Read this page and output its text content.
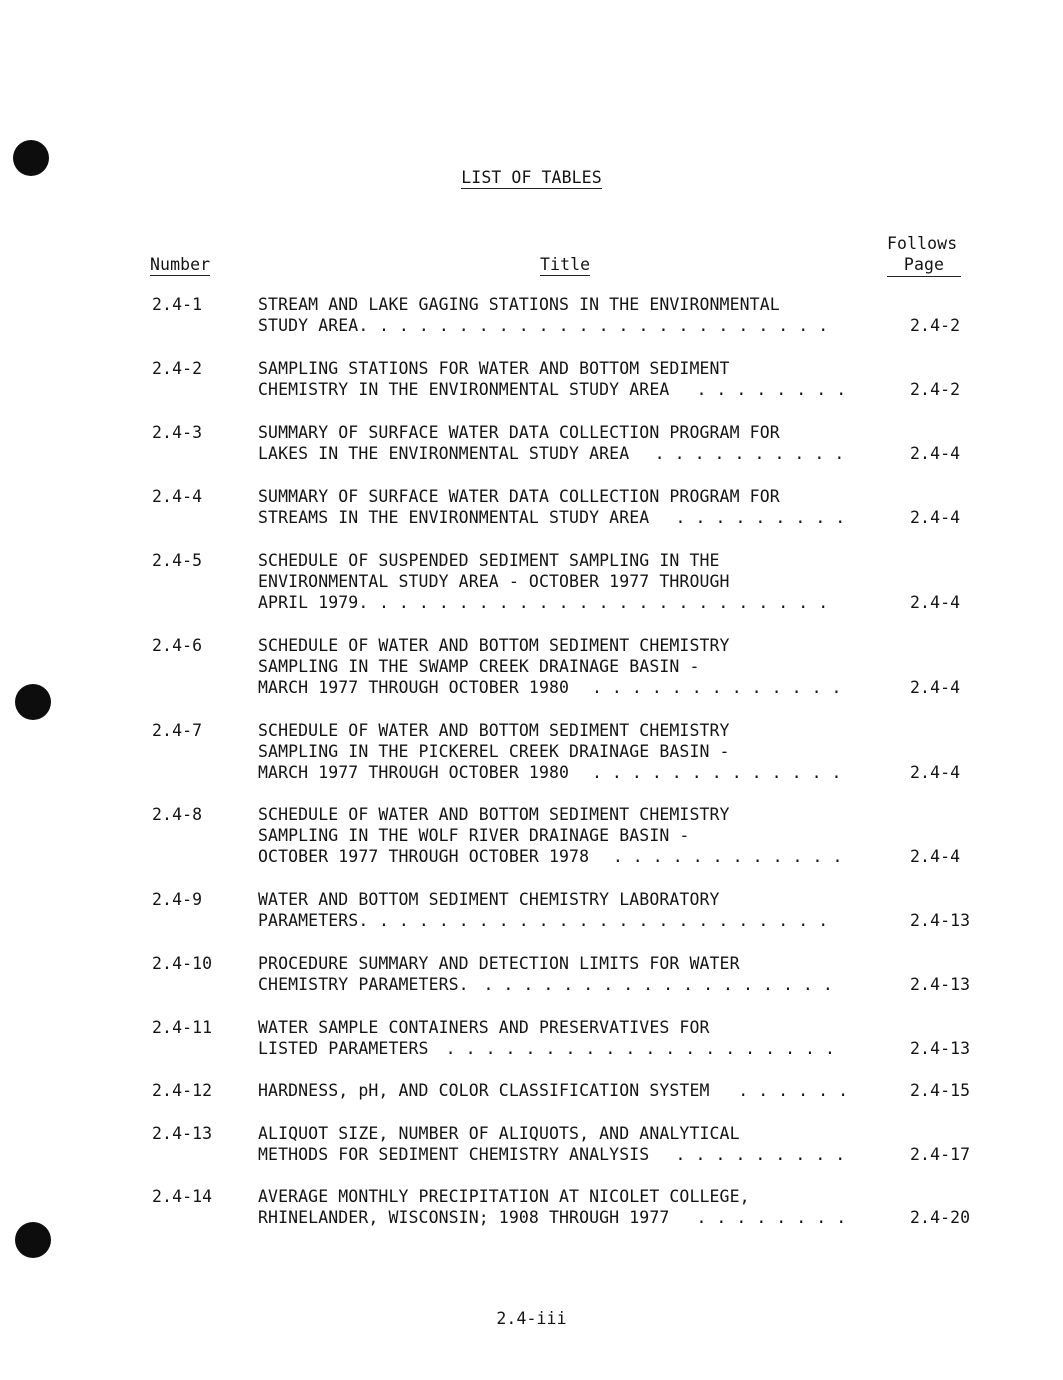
LIST OF TABLES
Number	Title
Follows
Page
2.4-1	STREAM AND LAKE GAGING STATIONS IN THE ENVIRONMENTAL
STUDY AREA. . . . . . . . . . . . . . . . . . . . . . . .	2.4-2
2.4-2	SAMPLING STATIONS FOR WATER AND BOTTOM SEDIMENT
CHEMISTRY IN THE ENVIRONMENTAL STUDY AREA . . . . . . . .	2.4-2
2.4-3	SUMMARY OF SURFACE WATER DATA COLLECTION PROGRAM FOR
LAKES IN THE ENVIRONMENTAL STUDY AREA . . . . . . . . . .	2.4-4
2.4-4	SUMMARY OF SURFACE WATER DATA COLLECTION PROGRAM FOR
STREAMS IN THE ENVIRONMENTAL STUDY AREA . . . . . . . . .	2.4-4
2.4-5	SCHEDULE OF SUSPENDED SEDIMENT SAMPLING IN THE
ENVIRONMENTAL STUDY AREA - OCTOBER 1977 THROUGH
APRIL 1979. . . . . . . . . . . . . . . . . . . . . . . .	2.4-4
2.4-6	SCHEDULE OF WATER AND BOTTOM SEDIMENT CHEMISTRY
SAMPLING IN THE SWAMP CREEK DRAINAGE BASIN -
MARCH 1977 THROUGH OCTOBER 1980 . . . . . . . . . . . . .	2.4-4
2.4-7	SCHEDULE OF WATER AND BOTTOM SEDIMENT CHEMISTRY
SAMPLING IN THE PICKEREL CREEK DRAINAGE BASIN -
MARCH 1977 THROUGH OCTOBER 1980 . . . . . . . . . . . . .	2.4-4
2.4-8	SCHEDULE OF WATER AND BOTTOM SEDIMENT CHEMISTRY
SAMPLING IN THE WOLF RIVER DRAINAGE BASIN -
OCTOBER 1977 THROUGH OCTOBER 1978 . . . . . . . . . . . .	2.4-4
2.4-9	WATER AND BOTTOM SEDIMENT CHEMISTRY LABORATORY
PARAMETERS. . . . . . . . . . . . . . . . . . . . . . . .	2.4-13
2.4-10	PROCEDURE SUMMARY AND DETECTION LIMITS FOR WATER
CHEMISTRY PARAMETERS. . . . . . . . . . . . . . . . . . .	2.4-13
2.4-11	WATER SAMPLE CONTAINERS AND PRESERVATIVES FOR
LISTED PARAMETERS . . . . . . . . . . . . . . . . . . . .	2.4-13
2.4-12	HARDNESS, pH, AND COLOR CLASSIFICATION SYSTEM . . . . . .	2.4-15
2.4-13	ALIQUOT SIZE, NUMBER OF ALIQUOTS, AND ANALYTICAL
METHODS FOR SEDIMENT CHEMISTRY ANALYSIS . . . . . . . . .	2.4-17
2.4-14	AVERAGE MONTHLY PRECIPITATION AT NICOLET COLLEGE,
RHINELANDER, WISCONSIN; 1908 THROUGH 1977 . . . . . . . .	2.4-20
2.4-iii
